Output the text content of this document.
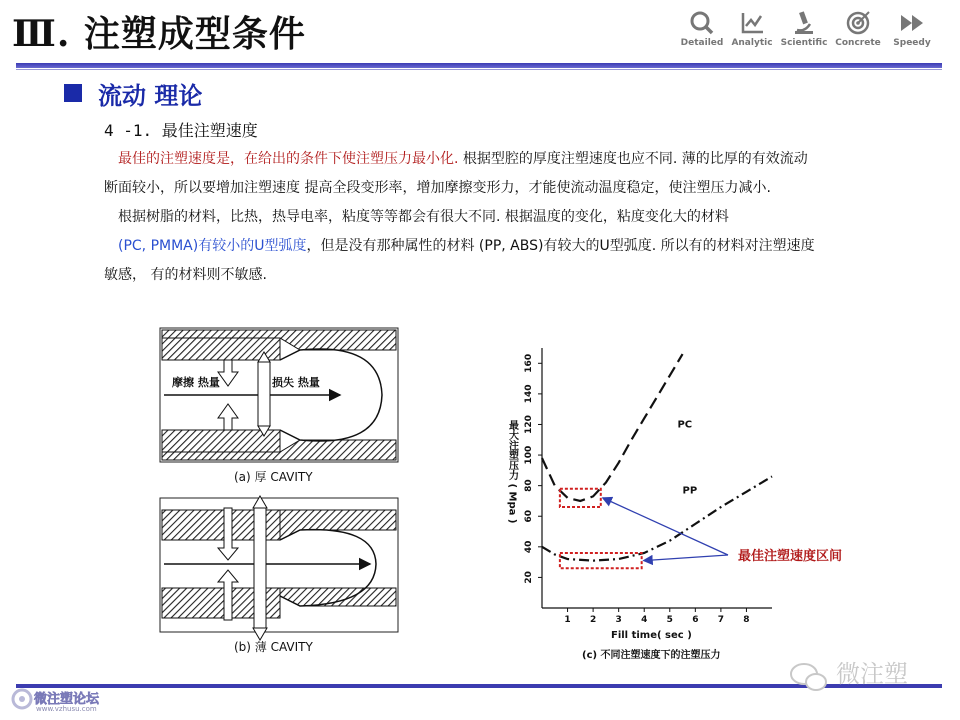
Ⅲ. 注塑成型条件	Detailed Analytic Scientific Concrete	Speedy
流动 理论
4 -1. 最佳注塑速度
最佳的注塑速度是，在给出的条件下使注塑压力最小化. 根据型腔的厚度注塑速度也应不同. 薄的比厚的有效流动
断面较小，所以要增加注塑速度 提高全段变形率，增加摩擦变形力，才能使流动温度稳定，使注塑压力减小.
根据树脂的材料，比热，热导电率，粘度等等都会有很大不同. 根据温度的变化，粘度变化大的材料
(PC, PMMA)有较小的U型弧度，但是没有那种属性的材料 (PP, ABS)有较大的U型弧度. 所以有的材料对注塑速度
敏感， 有的材料则不敏感.
摩擦 热量	损失 热量
(a) 厚 CAVITY
(b) 薄 CAVITY
1 2 3 4 5 6 7 8
20
40
60
80
100
120
140
160
最大注塑压力 ( Mpa )
Fill time( sec )
(c) 不同注塑速度下的注塑压力
PC
PP
最佳注塑速度区间
微注塑论坛
www.vzhusu.com
微注塑
